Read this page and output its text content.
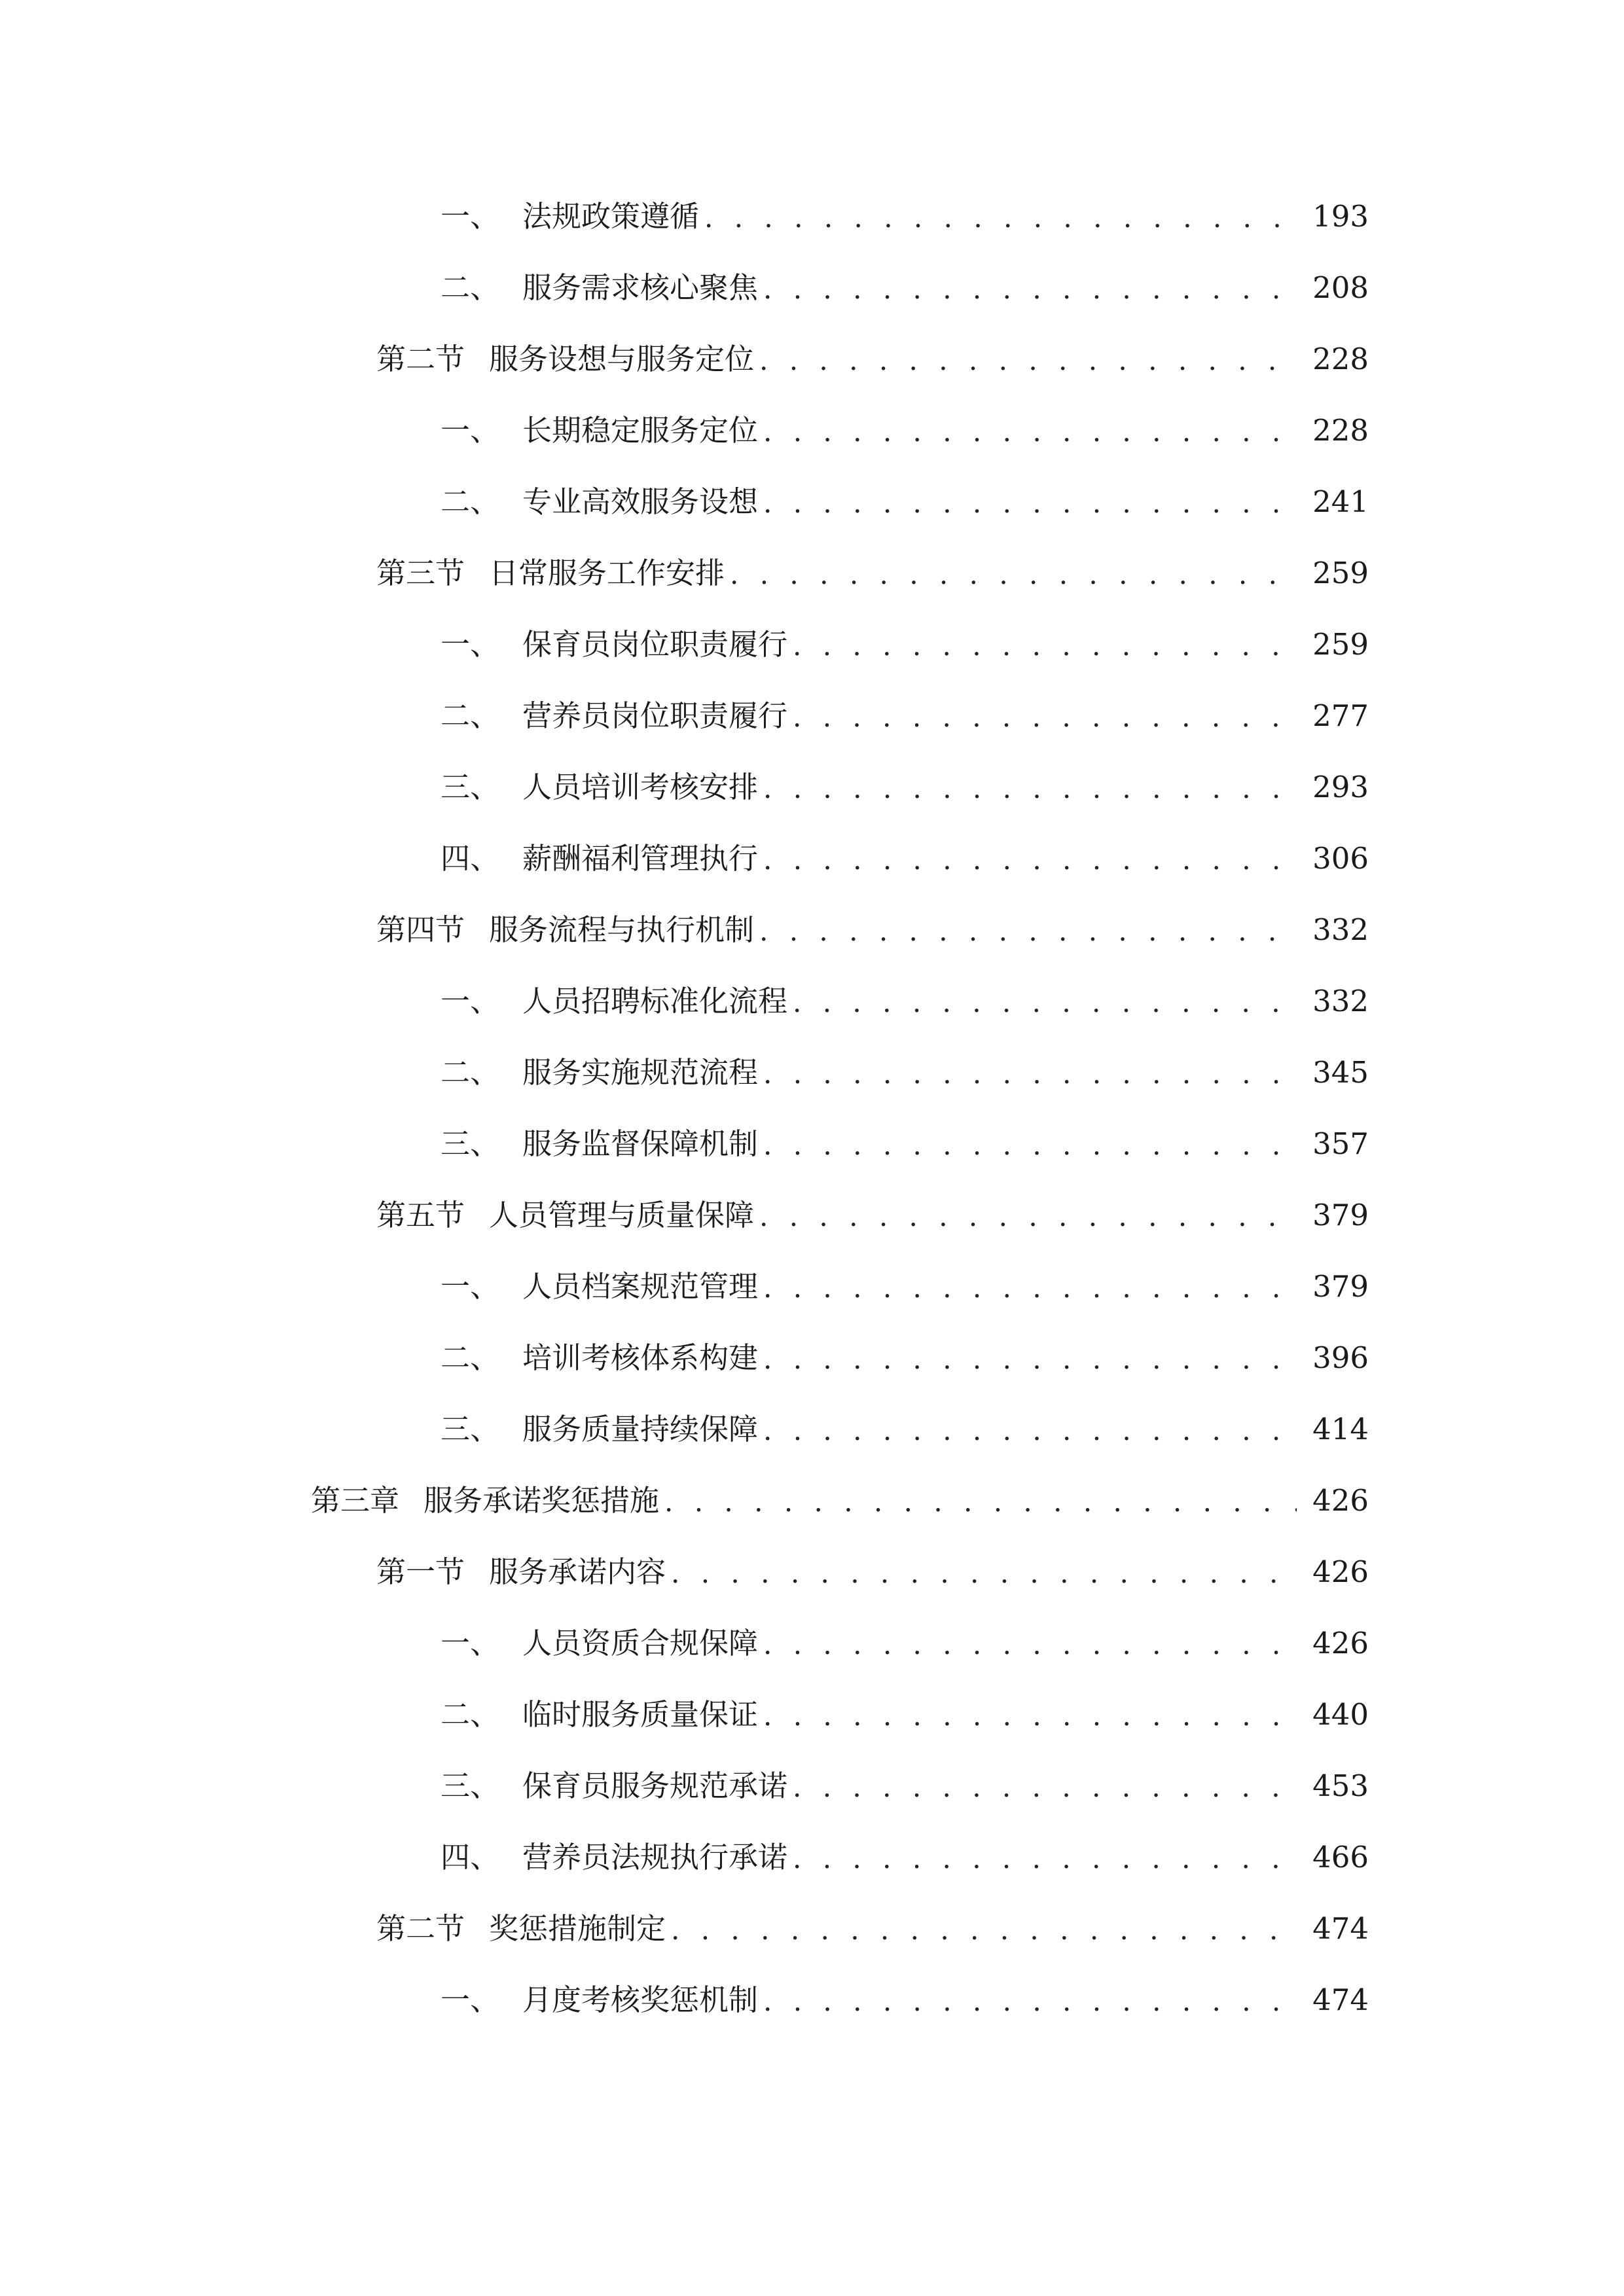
一、 法规政策遵循 . . .	193
二、 服务需求核心聚焦 . . .	208
第二节 服务设想与服务定位 . . .	228
一、 长期稳定服务定位 . . .	228
二、 专业高效服务设想 . . .	241
第三节 日常服务工作安排 . . .	259
一、 保育员岗位职责履行 . . .	259
二、 营养员岗位职责履行 . . .	277
三、 人员培训考核安排 . . .	293
四、 薪酬福利管理执行 . . .	306
第四节 服务流程与执行机制 . . .	332
一、 人员招聘标准化流程 . . .	332
二、 服务实施规范流程 . . .	345
三、 服务监督保障机制 . . .	357
第五节 人员管理与质量保障 . . .	379
一、 人员档案规范管理 . . .	379
二、 培训考核体系构建 . . .	396
三、 服务质量持续保障 . . .	414
第三章 服务承诺奖惩措施 . . .	426
第一节 服务承诺内容 . . .	426
一、 人员资质合规保障 . . .	426
二、 临时服务质量保证 . . .	440
三、 保育员服务规范承诺 . . .	453
四、 营养员法规执行承诺 . . .	466
第二节 奖惩措施制定 . . .	474
一、 月度考核奖惩机制 . . .	474
